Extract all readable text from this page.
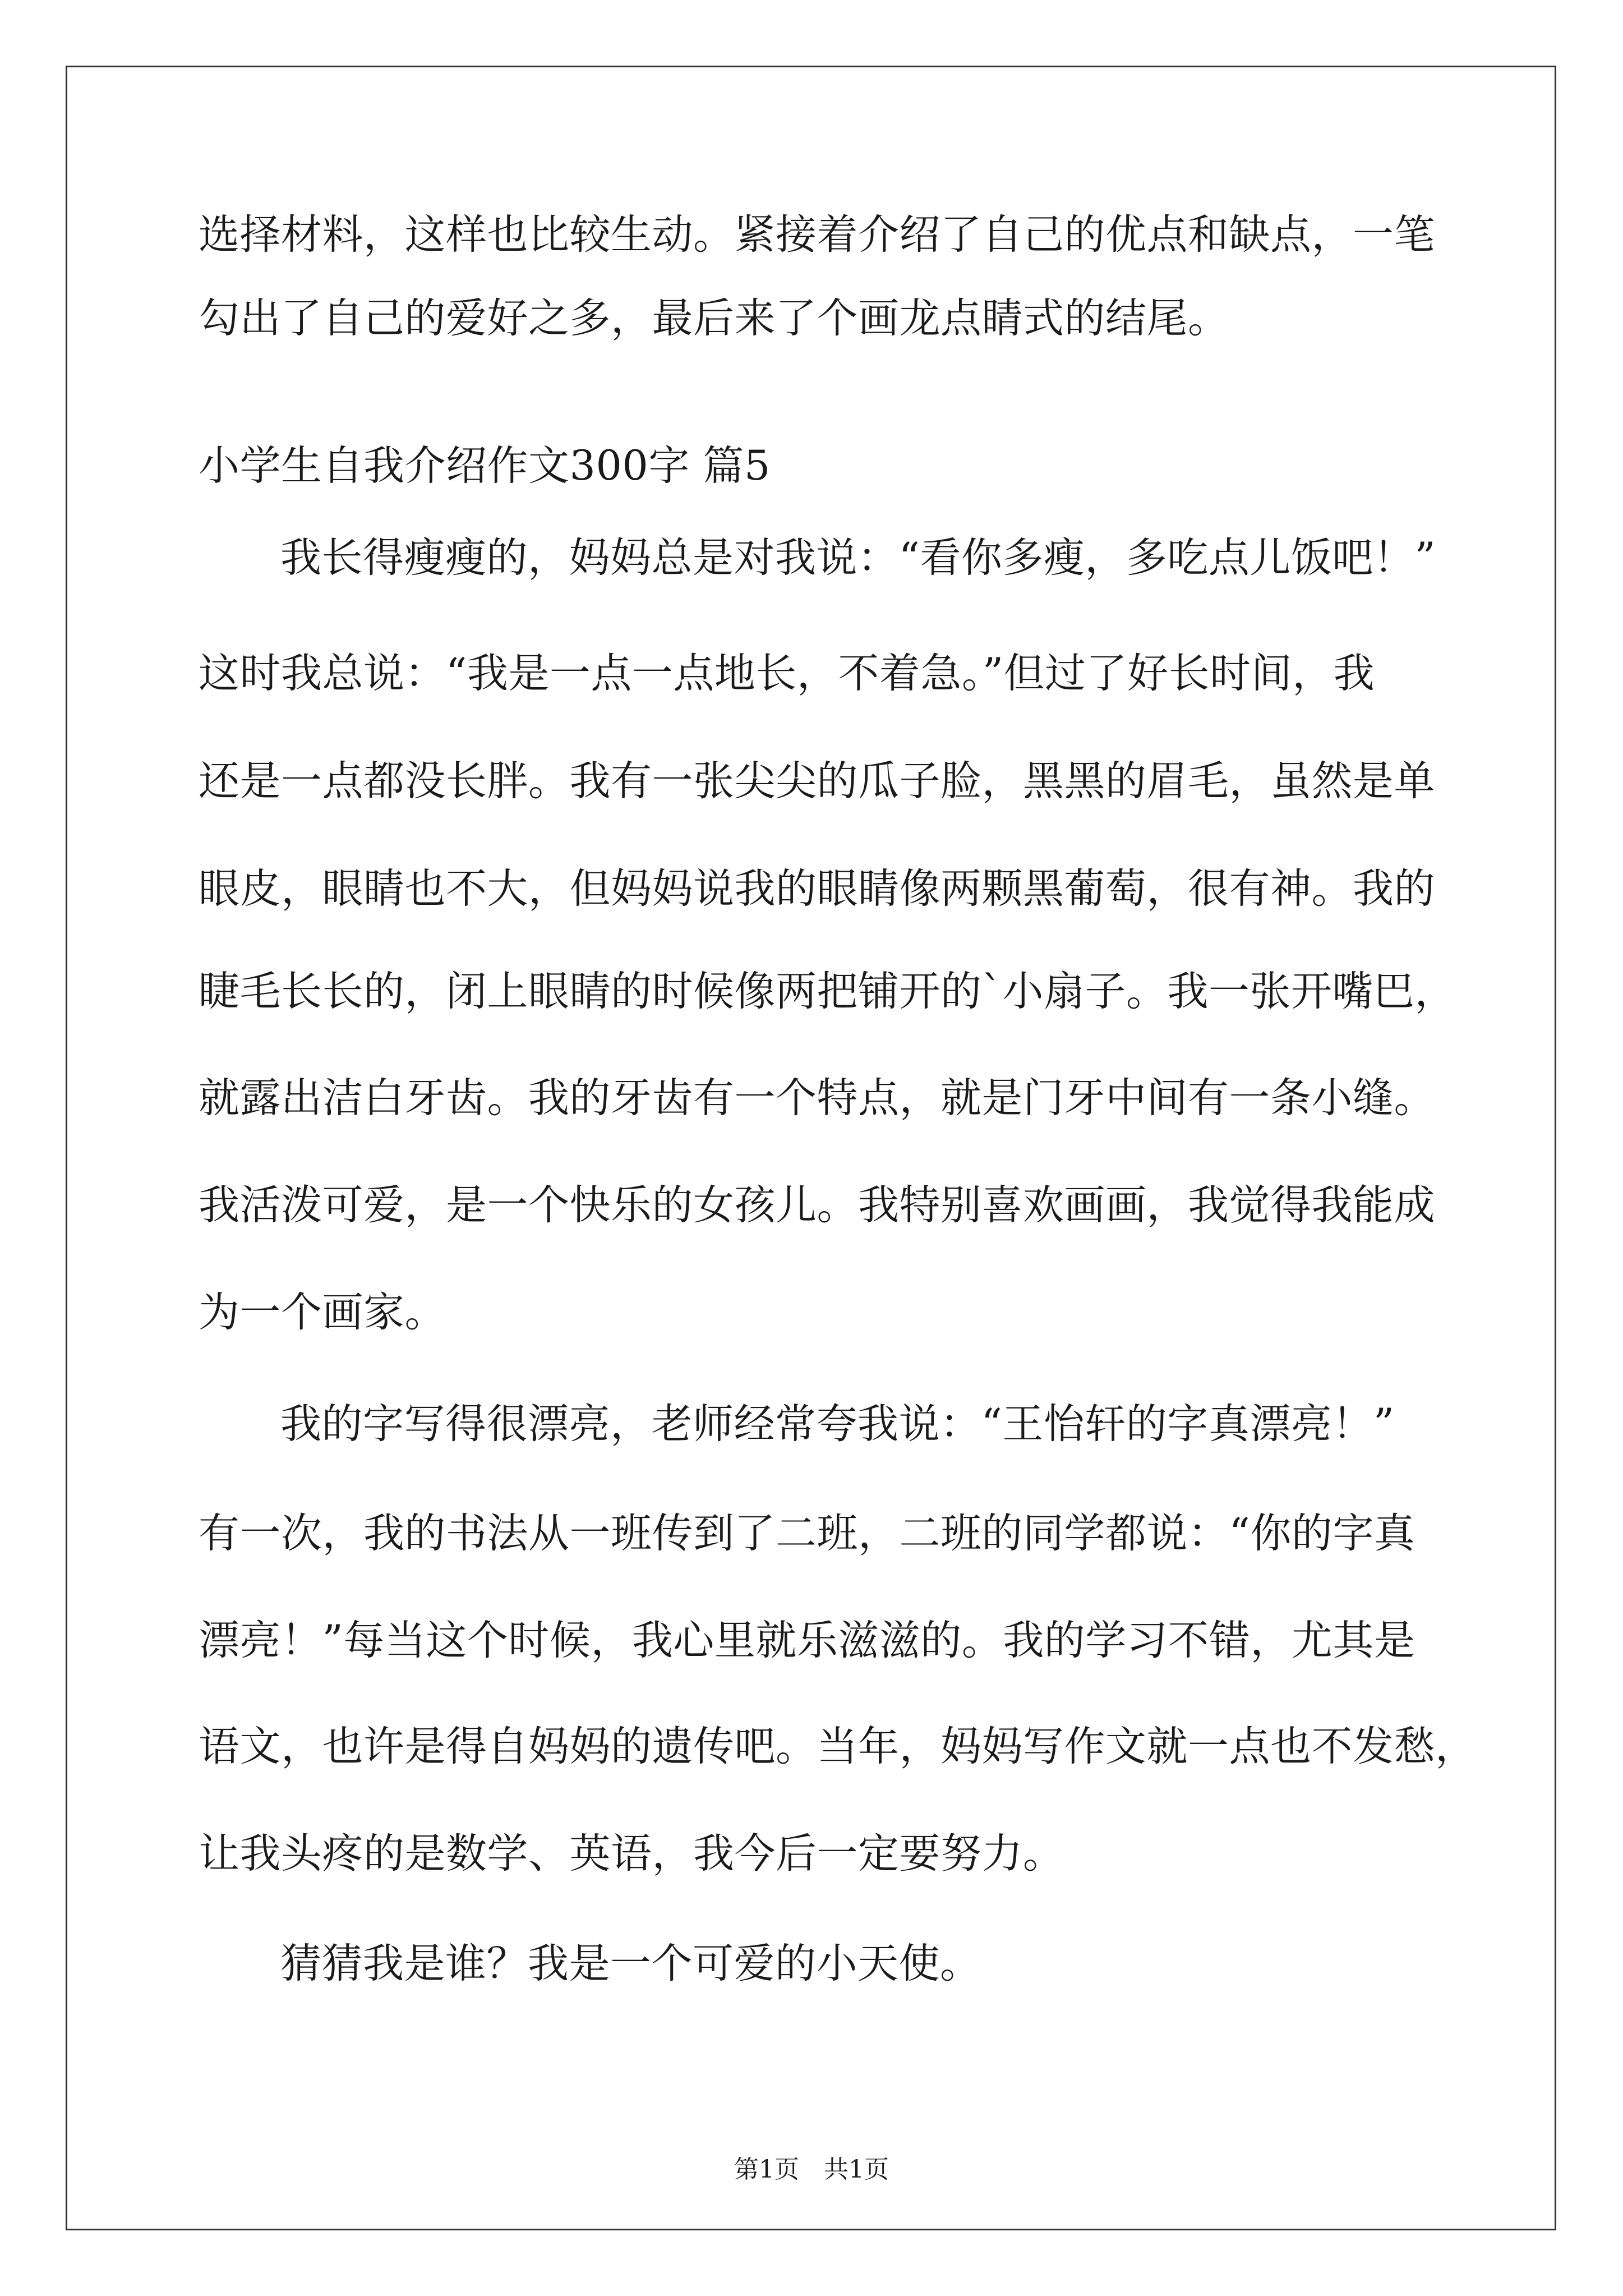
选择材料，这样也比较生动。紧接着介绍了自己的优点和缺点，一笔
勾出了自己的爱好之多，最后来了个画龙点睛式的结尾。
小学生自我介绍作文300字 篇5
我长得瘦瘦的，妈妈总是对我说：“看你多瘦，多吃点儿饭吧！”
这时我总说：“我是一点一点地长，不着急。”但过了好长时间，我
还是一点都没长胖。我有一张尖尖的瓜子脸，黑黑的眉毛，虽然是单
眼皮，眼睛也不大，但妈妈说我的眼睛像两颗黑葡萄，很有神。我的
睫毛长长的，闭上眼睛的时候像两把铺开的`小扇子。我一张开嘴巴，
就露出洁白牙齿。我的牙齿有一个特点，就是门牙中间有一条小缝。
我活泼可爱，是一个快乐的女孩儿。我特别喜欢画画，我觉得我能成
为一个画家。
我的字写得很漂亮，老师经常夸我说：“王怡轩的字真漂亮！”
有一次，我的书法从一班传到了二班，二班的同学都说：“你的字真
漂亮！”每当这个时候，我心里就乐滋滋的。我的学习不错，尤其是
语文，也许是得自妈妈的遗传吧。当年，妈妈写作文就一点也不发愁，
让我头疼的是数学、英语，我今后一定要努力。
猜猜我是谁？我是一个可爱的小天使。
第1页　共1页
